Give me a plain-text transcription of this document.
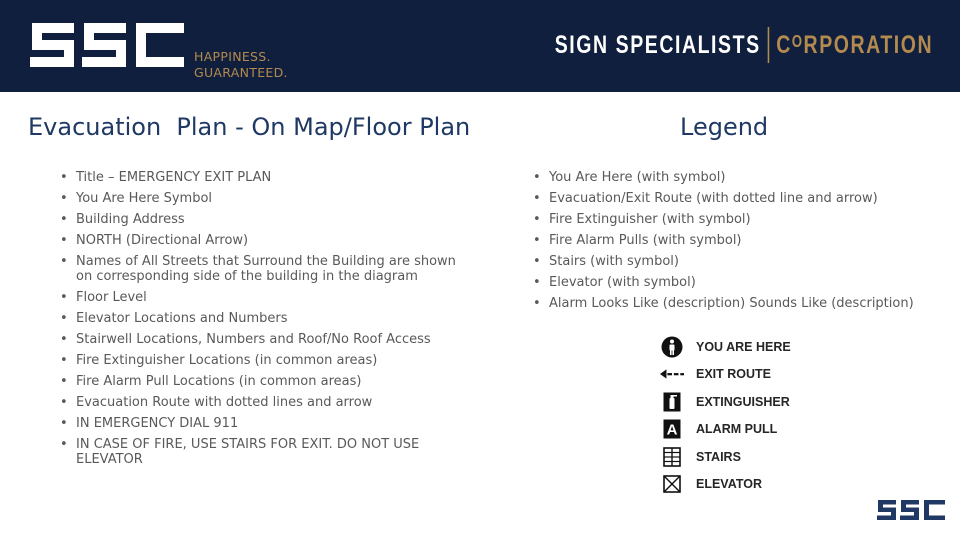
HAPPINESS.
GUARANTEED.
SIGN SPECIALISTS CᴼRPORATION
Evacuation  Plan - On Map/Floor Plan	Legend
• Title – EMERGENCY EXIT PLAN
• You Are Here Symbol
• Building Address
• NORTH (Directional Arrow)
• Names of All Streets that Surround the Building are shown on corresponding side of the building in the diagram
• Floor Level
• Elevator Locations and Numbers
• Stairwell Locations, Numbers and Roof/No Roof Access
• Fire Extinguisher Locations (in common areas)
• Fire Alarm Pull Locations (in common areas)
• Evacuation Route with dotted lines and arrow
• IN EMERGENCY DIAL 911
• IN CASE OF FIRE, USE STAIRS FOR EXIT. DO NOT USE ELEVATOR
• You Are Here (with symbol)
• Evacuation/Exit Route (with dotted line and arrow)
• Fire Extinguisher (with symbol)
• Fire Alarm Pulls (with symbol)
• Stairs (with symbol)
• Elevator (with symbol)
• Alarm Looks Like (description) Sounds Like (description)
YOU ARE HERE
EXIT ROUTE
EXTINGUISHER
A ALARM PULL
STAIRS
ELEVATOR
